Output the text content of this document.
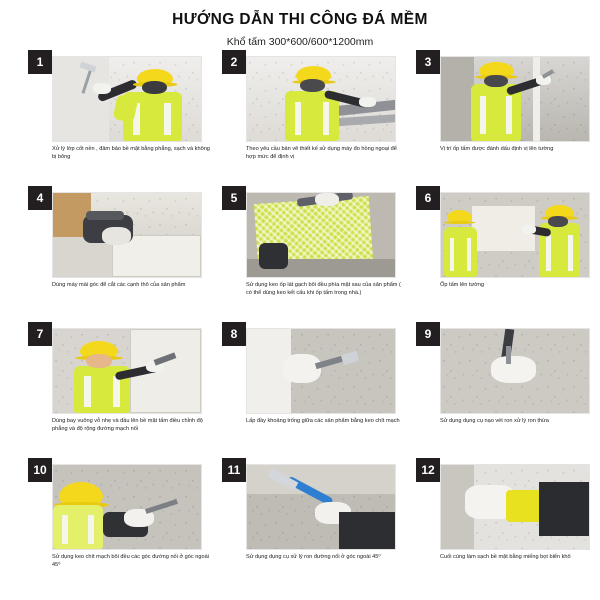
HƯỚNG DẪN THI CÔNG ĐÁ MỀM

Khổ tấm 300*600/600*1200mm

1
Xử lý lớp cốt nền , đảm bảo bề mặt bằng phẳng, sạch và không bị bông
2
Theo yêu cầu bản vẽ thiết kế sử dụng máy đo hồng ngoại để hợp mức để định vị
3
Vị trí ốp tấm được đánh dấu định vị lên tường
4
Dùng máy mài góc để cắt các cạnh thô của sản phẩm
5
Sử dụng keo ốp lát gạch bôi đều phía mặt sau của sản phẩm ( có thể dùng keo kết cấu khi ốp tấm trong nhà.)
6
Ốp tấm lên tường
7
Dùng bay vuông vỗ nhẹ và đầu lên bề mặt tấm điều chỉnh độ phẳng và độ rộng đường mạch nối
8
Lấp đầy khoảng trống giữa các sản phẩm bằng keo chít mạch
9
Sử dụng dụng cụ nạo vét ron xử lý ron thừa
10
Sử dụng keo chít mạch bôi đều các góc đường nối ở góc ngoài 45⁰
11
Sử dụng dụng cụ xử lý ron đường nối ở góc ngoài 45⁰
12
Cuối cùng làm sạch bề mặt bằng miếng bọt biển khô
